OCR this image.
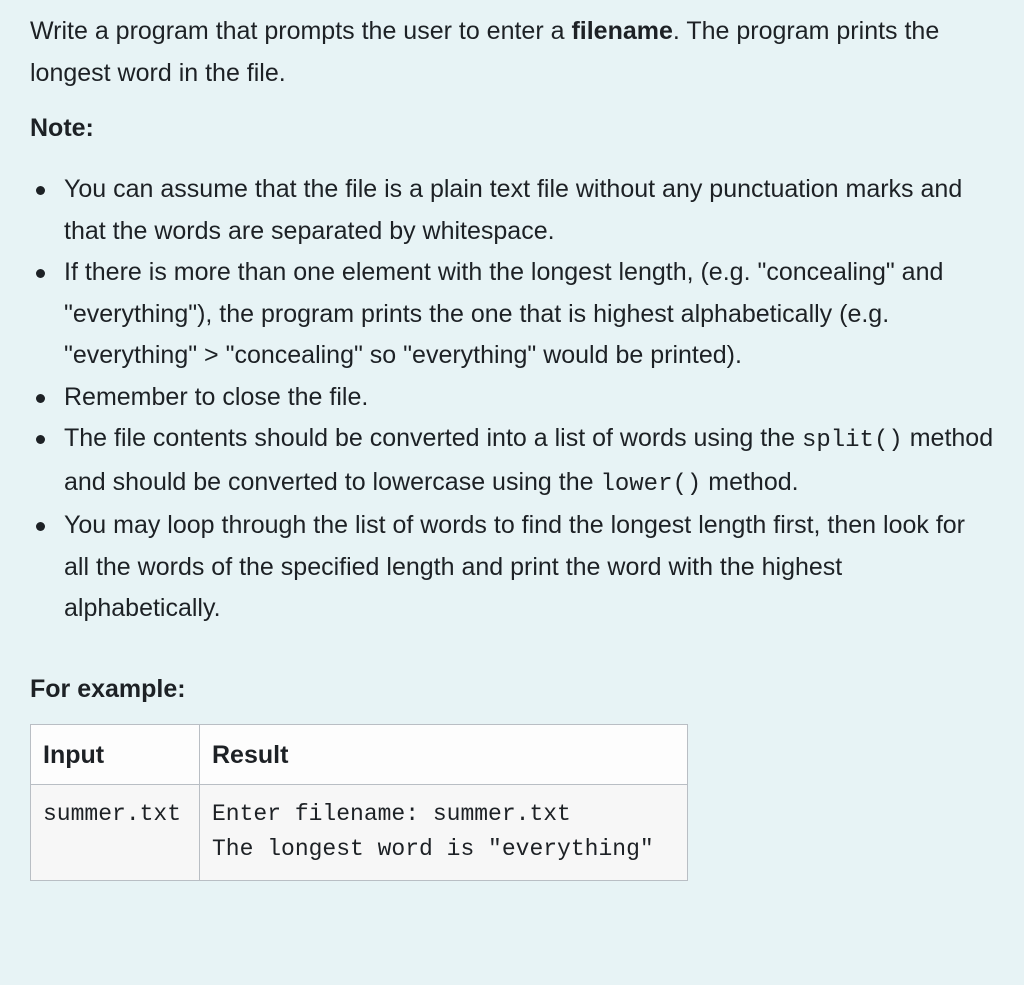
Write a program that prompts the user to enter a filename. The program prints the longest word in the file.

Note:
You can assume that the file is a plain text file without any punctuation marks and that the words are separated by whitespace.
If there is more than one element with the longest length, (e.g. "concealing" and "everything"), the program prints the one that is highest alphabetically (e.g. "everything" > "concealing" so "everything" would be printed).
Remember to close the file.
The file contents should be converted into a list of words using the split() method and should be converted to lowercase using the lower() method.
You may loop through the list of words to find the longest length first, then look for all the words of the specified length and print the word with the highest alphabetically.
For example:
Input	Result
summer.txt	Enter filename: summer.txt
The longest word is "everything"
